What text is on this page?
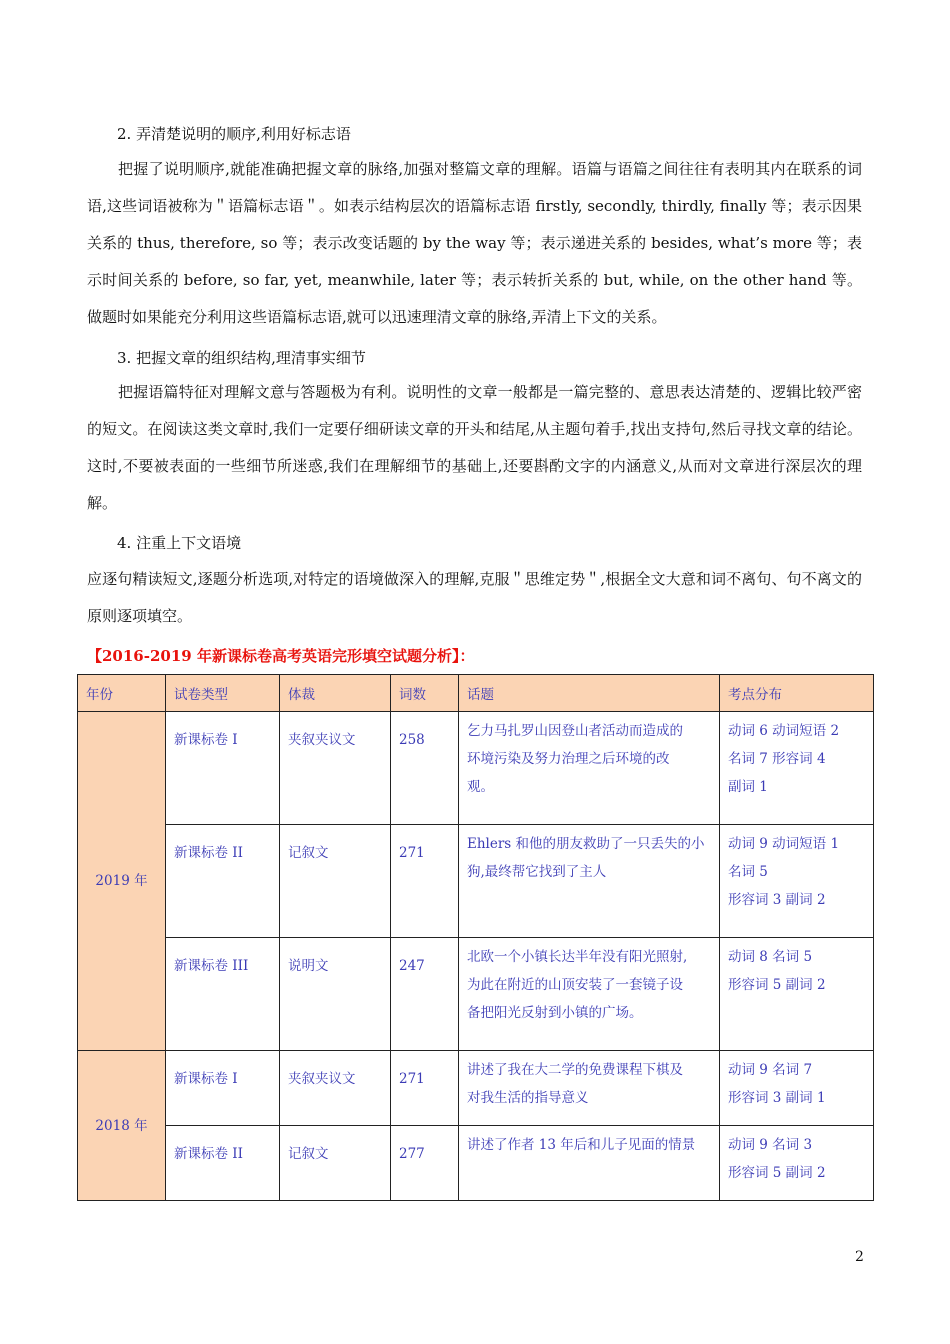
2. 弄清楚说明的顺序,利用好标志语

把握了说明顺序,就能准确把握文章的脉络,加强对整篇文章的理解。语篇与语篇之间往往有表明其内在联系的词语,这些词语被称为＂语篇标志语＂。如表示结构层次的语篇标志语 firstly, secondly, thirdly, finally 等；表示因果关系的 thus, therefore, so 等；表示改变话题的 by the way 等；表示递进关系的 besides, what’s more 等；表示时间关系的 before, so far, yet, meanwhile, later 等；表示转折关系的 but, while, on the other hand 等。做题时如果能充分利用这些语篇标志语,就可以迅速理清文章的脉络,弄清上下文的关系。

3. 把握文章的组织结构,理清事实细节

把握语篇特征对理解文意与答题极为有利。说明性的文章一般都是一篇完整的、意思表达清楚的、逻辑比较严密的短文。在阅读这类文章时,我们一定要仔细研读文章的开头和结尾,从主题句着手,找出支持句,然后寻找文章的结论。这时,不要被表面的一些细节所迷惑,我们在理解细节的基础上,还要斟酌文字的内涵意义,从而对文章进行深层次的理解。

4. 注重上下文语境

应逐句精读短文,逐题分析选项,对特定的语境做深入的理解,克服＂思维定势＂,根据全文大意和词不离句、句不离文的原则逐项填空。

【2016-2019 年新课标卷高考英语完形填空试题分析】：
年份	试卷类型	体裁	词数	话题	考点分布
2019 年	新课标卷 I	夹叙夹议文	258	乞力马扎罗山因登山者活动而造成的
环境污染及努力治理之后环境的改
观。	动词 6 动词短语 2
名词 7 形容词 4
副词 1

	新课标卷 II	记叙文	271	Ehlers 和他的朋友救助了一只丢失的小
狗,最终帮它找到了主人	动词 9 动词短语 1
名词 5
形容词 3 副词 2

	新课标卷 III	说明文	247	北欧一个小镇长达半年没有阳光照射,
为此在附近的山顶安装了一套镜子设
备把阳光反射到小镇的广场。	动词 8 名词 5
形容词 5 副词 2

2018 年	新课标卷 I	夹叙夹议文	271	讲述了我在大二学的免费课程下棋及
对我生活的指导意义	动词 9 名词 7
形容词 3 副词 1

	新课标卷 II	记叙文	277	讲述了作者 13 年后和儿子见面的情景	动词 9 名词 3
形容词 5 副词 2
2
